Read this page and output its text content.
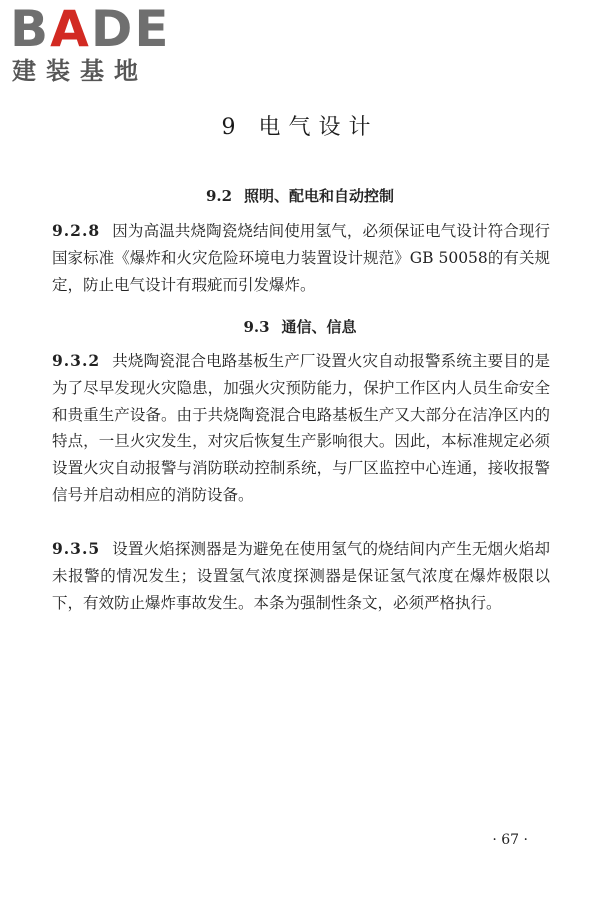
BADE
建装基地
9 电气设计
9.2 照明、配电和自动控制
9.2.8 因为高温共烧陶瓷烧结间使用氢气，必须保证电气设计符合现行国家标准《爆炸和火灾危险环境电力装置设计规范》GB 50058的有关规定，防止电气设计有瑕疵而引发爆炸。
9.3 通信、信息
9.3.2 共烧陶瓷混合电路基板生产厂设置火灾自动报警系统主要目的是为了尽早发现火灾隐患，加强火灾预防能力，保护工作区内人员生命安全和贵重生产设备。由于共烧陶瓷混合电路基板生产又大部分在洁净区内的特点，一旦火灾发生，对灾后恢复生产影响很大。因此，本标准规定必须设置火灾自动报警与消防联动控制系统，与厂区监控中心连通，接收报警信号并启动相应的消防设备。
9.3.5 设置火焰探测器是为避免在使用氢气的烧结间内产生无烟火焰却未报警的情况发生；设置氢气浓度探测器是保证氢气浓度在爆炸极限以下，有效防止爆炸事故发生。本条为强制性条文，必须严格执行。
· 67 ·
